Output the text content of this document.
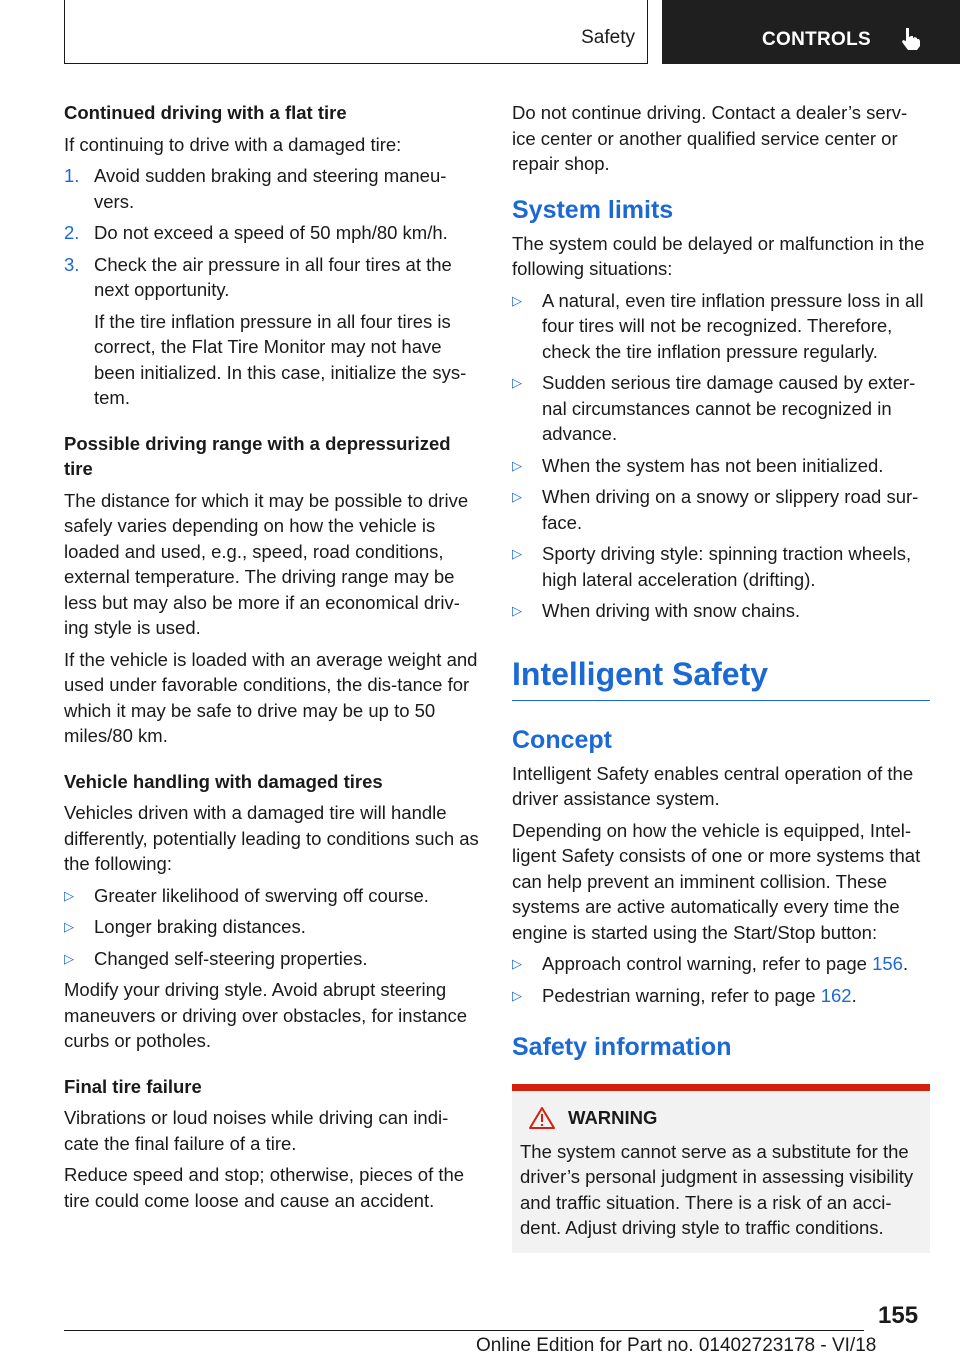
Safety	CONTROLS

Continued driving with a flat tire

If continuing to drive with a damaged tire:

1. Avoid sudden braking and steering maneu-vers.
2. Do not exceed a speed of 50 mph/80 km/h.
3. Check the air pressure in all four tires at the next opportunity.
If the tire inflation pressure in all four tires is correct, the Flat Tire Monitor may not have been initialized. In this case, initialize the sys-tem.

Possible driving range with a depressurized tire

The distance for which it may be possible to drive safely varies depending on how the vehicle is loaded and used, e.g., speed, road conditions, external temperature. The driving range may be less but may also be more if an economical driv-ing style is used.

If the vehicle is loaded with an average weight and used under favorable conditions, the dis-tance for which it may be safe to drive may be up to 50 miles/80 km.

Vehicle handling with damaged tires

Vehicles driven with a damaged tire will handle differently, potentially leading to conditions such as the following:

▷ Greater likelihood of swerving off course.
▷ Longer braking distances.
▷ Changed self-steering properties.

Modify your driving style. Avoid abrupt steering maneuvers or driving over obstacles, for instance curbs or potholes.

Final tire failure

Vibrations or loud noises while driving can indi-cate the final failure of a tire.

Reduce speed and stop; otherwise, pieces of the tire could come loose and cause an accident.

Do not continue driving. Contact a dealer’s serv-ice center or another qualified service center or repair shop.

System limits

The system could be delayed or malfunction in the following situations:

▷ A natural, even tire inflation pressure loss in all four tires will not be recognized. Therefore, check the tire inflation pressure regularly.
▷ Sudden serious tire damage caused by exter-nal circumstances cannot be recognized in advance.
▷ When the system has not been initialized.
▷ When driving on a snowy or slippery road sur-face.
▷ Sporty driving style: spinning traction wheels, high lateral acceleration (drifting).
▷ When driving with snow chains.
Intelligent Safety
Concept

Intelligent Safety enables central operation of the driver assistance system.

Depending on how the vehicle is equipped, Intel-ligent Safety consists of one or more systems that can help prevent an imminent collision. These systems are active automatically every time the engine is started using the Start/Stop button:

▷ Approach control warning, refer to page 156.
▷ Pedestrian warning, refer to page 162.
Safety information
WARNING

The system cannot serve as a substitute for the driver’s personal judgment in assessing visibility and traffic situation. There is a risk of an acci-dent. Adjust driving style to traffic conditions.

155
Online Edition for Part no. 01402723178 - VI/18
